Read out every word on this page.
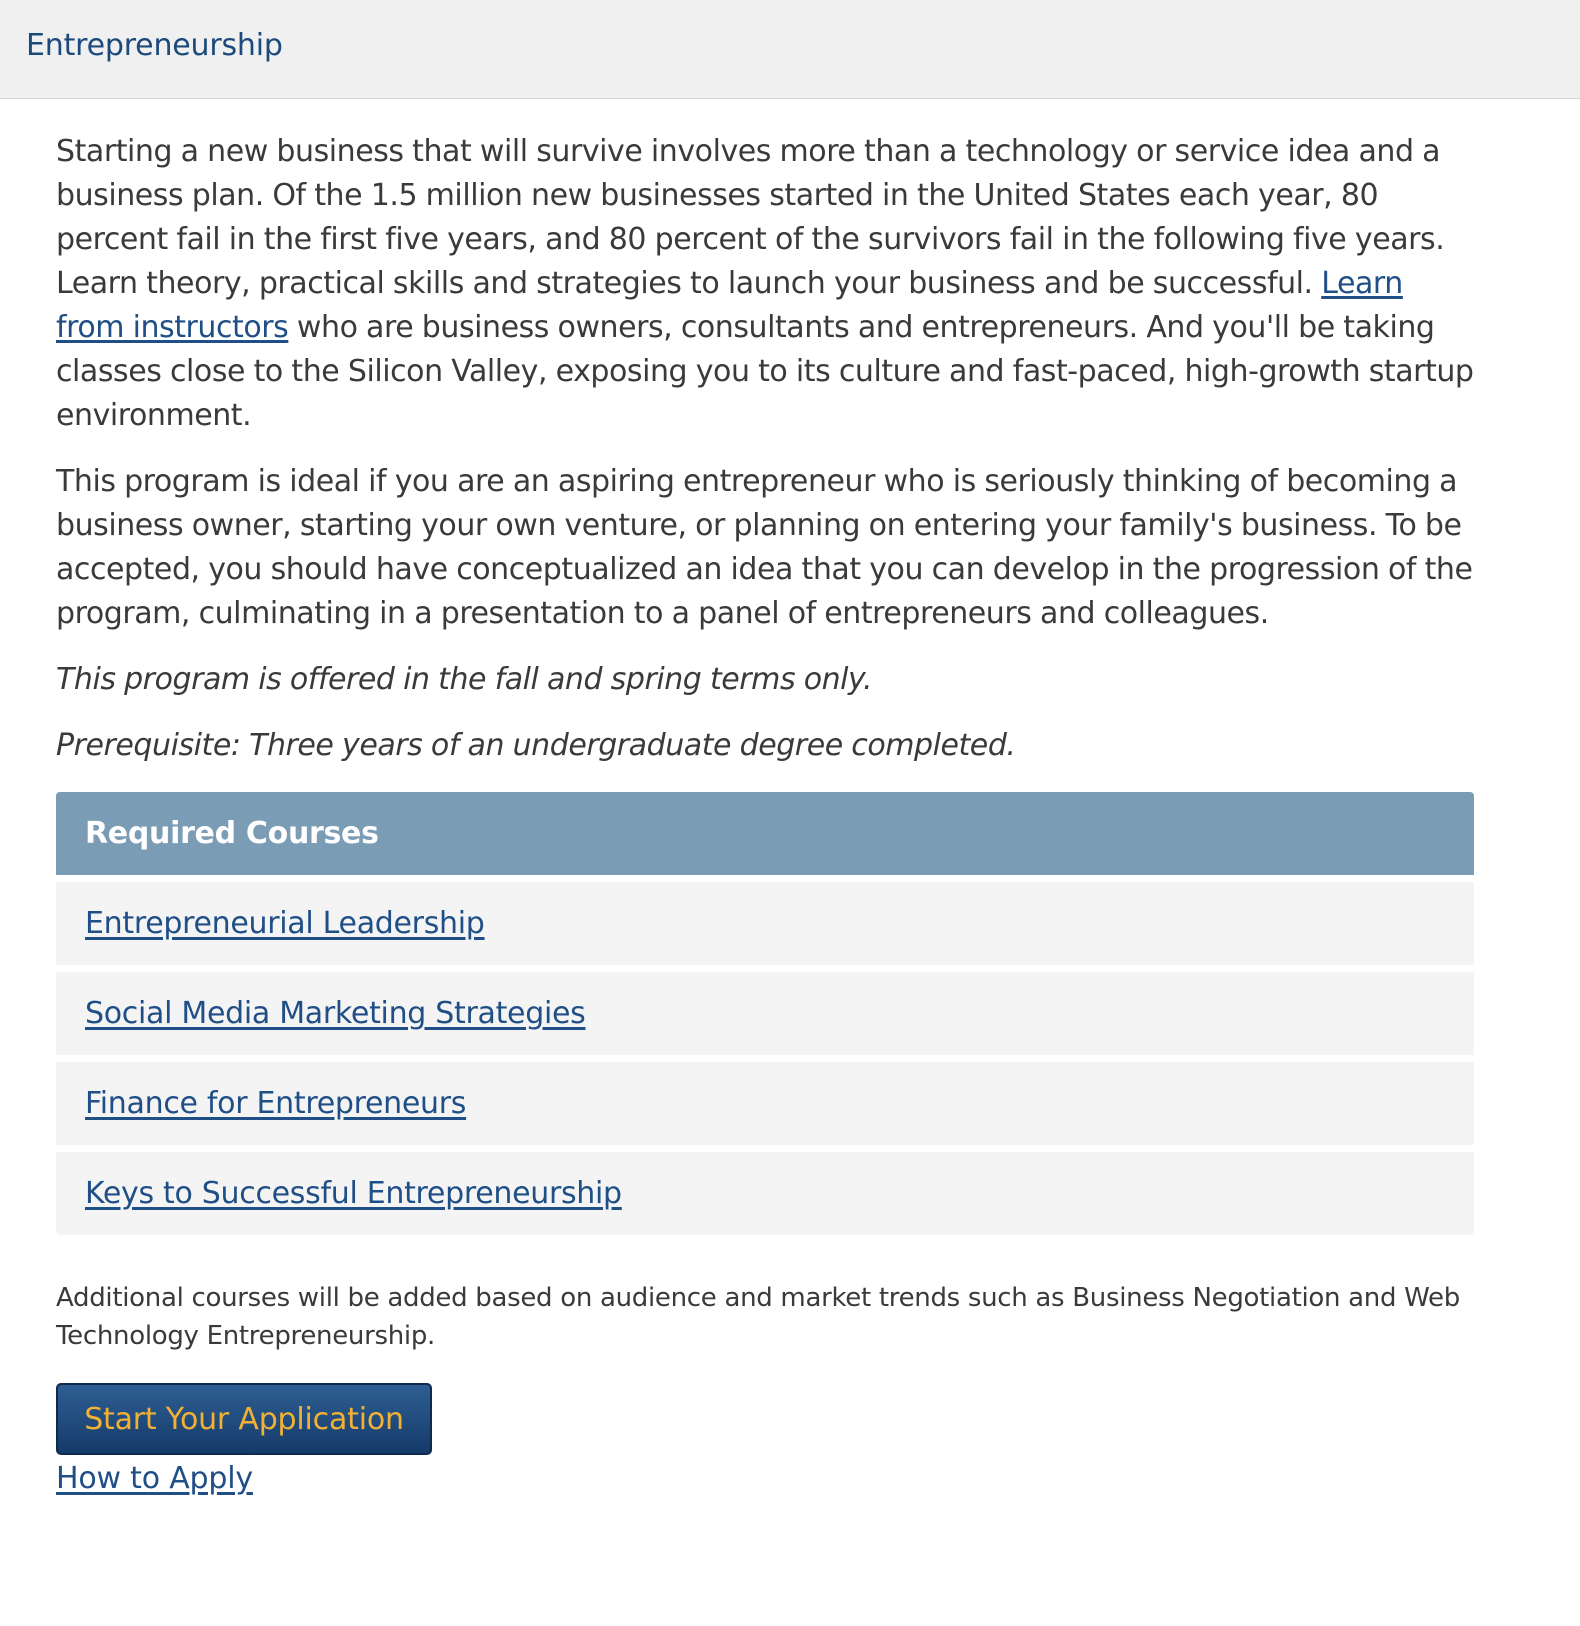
Entrepreneurship

Starting a new business that will survive involves more than a technology or service idea and a business plan. Of the 1.5 million new businesses started in the United States each year, 80 percent fail in the first five years, and 80 percent of the survivors fail in the following five years. Learn theory, practical skills and strategies to launch your business and be successful. Learn from instructors who are business owners, consultants and entrepreneurs. And you'll be taking classes close to the Silicon Valley, exposing you to its culture and fast-paced, high-growth startup environment.

This program is ideal if you are an aspiring entrepreneur who is seriously thinking of becoming a business owner, starting your own venture, or planning on entering your family's business. To be accepted, you should have conceptualized an idea that you can develop in the progression of the program, culminating in a presentation to a panel of entrepreneurs and colleagues.

This program is offered in the fall and spring terms only.

Prerequisite: Three years of an undergraduate degree completed.

Required Courses
Entrepreneurial Leadership
Social Media Marketing Strategies
Finance for Entrepreneurs
Keys to Successful Entrepreneurship

Additional courses will be added based on audience and market trends such as Business Negotiation and Web Technology Entrepreneurship.

Start Your Application
How to Apply
